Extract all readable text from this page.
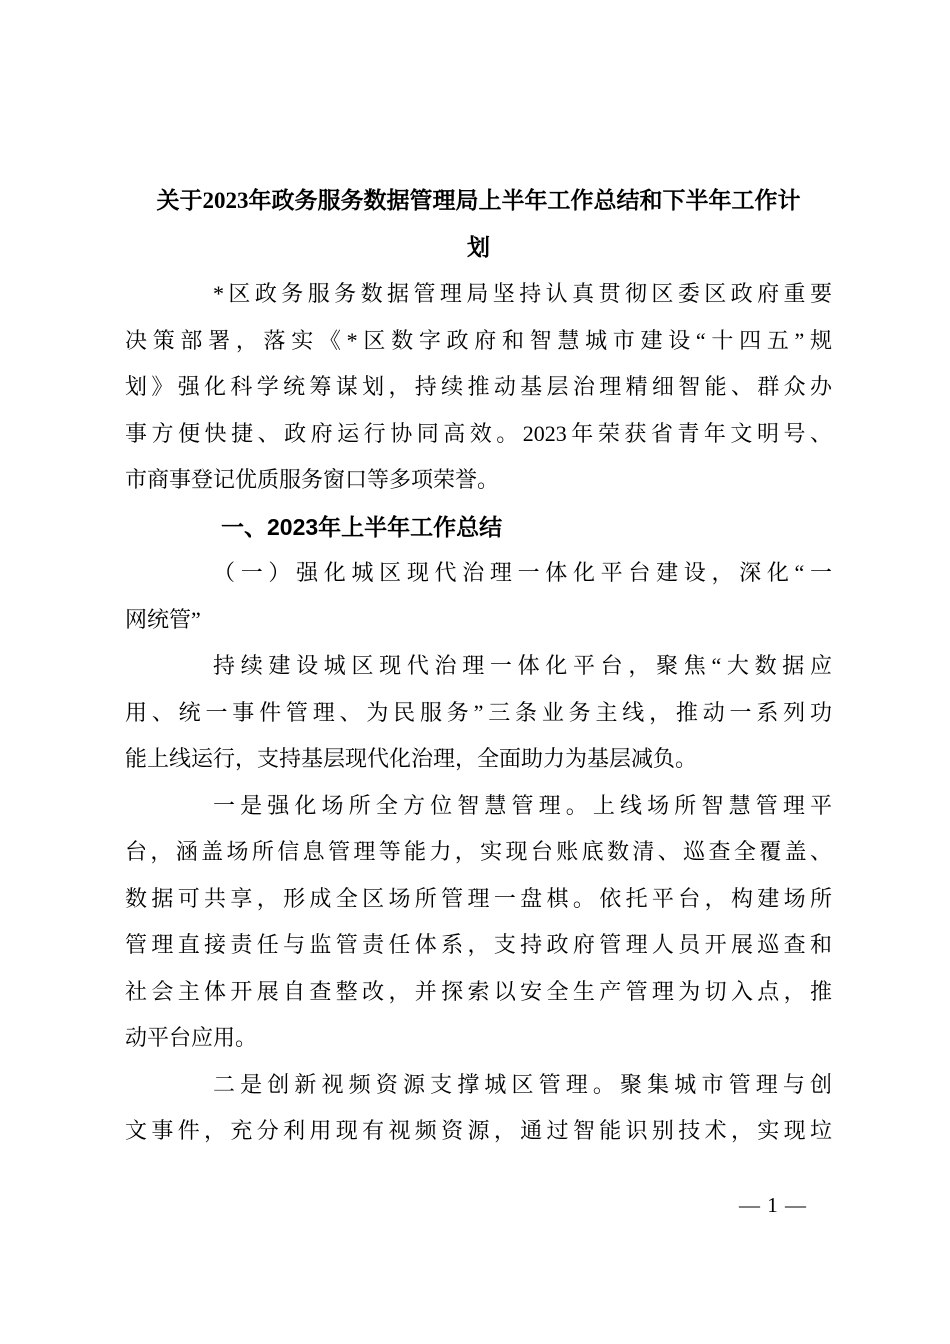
关于2023年政务服务数据管理局上半年工作总结和下半年工作计
划
*区政务服务数据管理局坚持认真贯彻区委区政府重要
决策部署，落实《*区数字政府和智慧城市建设“十四五”规
划》强化科学统筹谋划，持续推动基层治理精细智能、群众办
事方便快捷、政府运行协同高效。2023年荣获省青年文明号、
市商事登记优质服务窗口等多项荣誉。
一、2023年上半年工作总结
（一）强化城区现代治理一体化平台建设，深化“一
网统管”
持续建设城区现代治理一体化平台，聚焦“大数据应
用、统一事件管理、为民服务”三条业务主线，推动一系列功
能上线运行，支持基层现代化治理，全面助力为基层减负。
一是强化场所全方位智慧管理。上线场所智慧管理平
台，涵盖场所信息管理等能力，实现台账底数清、巡查全覆盖、
数据可共享，形成全区场所管理一盘棋。依托平台，构建场所
管理直接责任与监管责任体系，支持政府管理人员开展巡查和
社会主体开展自查整改，并探索以安全生产管理为切入点，推
动平台应用。
二是创新视频资源支撑城区管理。聚集城市管理与创
文事件，充分利用现有视频资源，通过智能识别技术，实现垃
— 1 —
